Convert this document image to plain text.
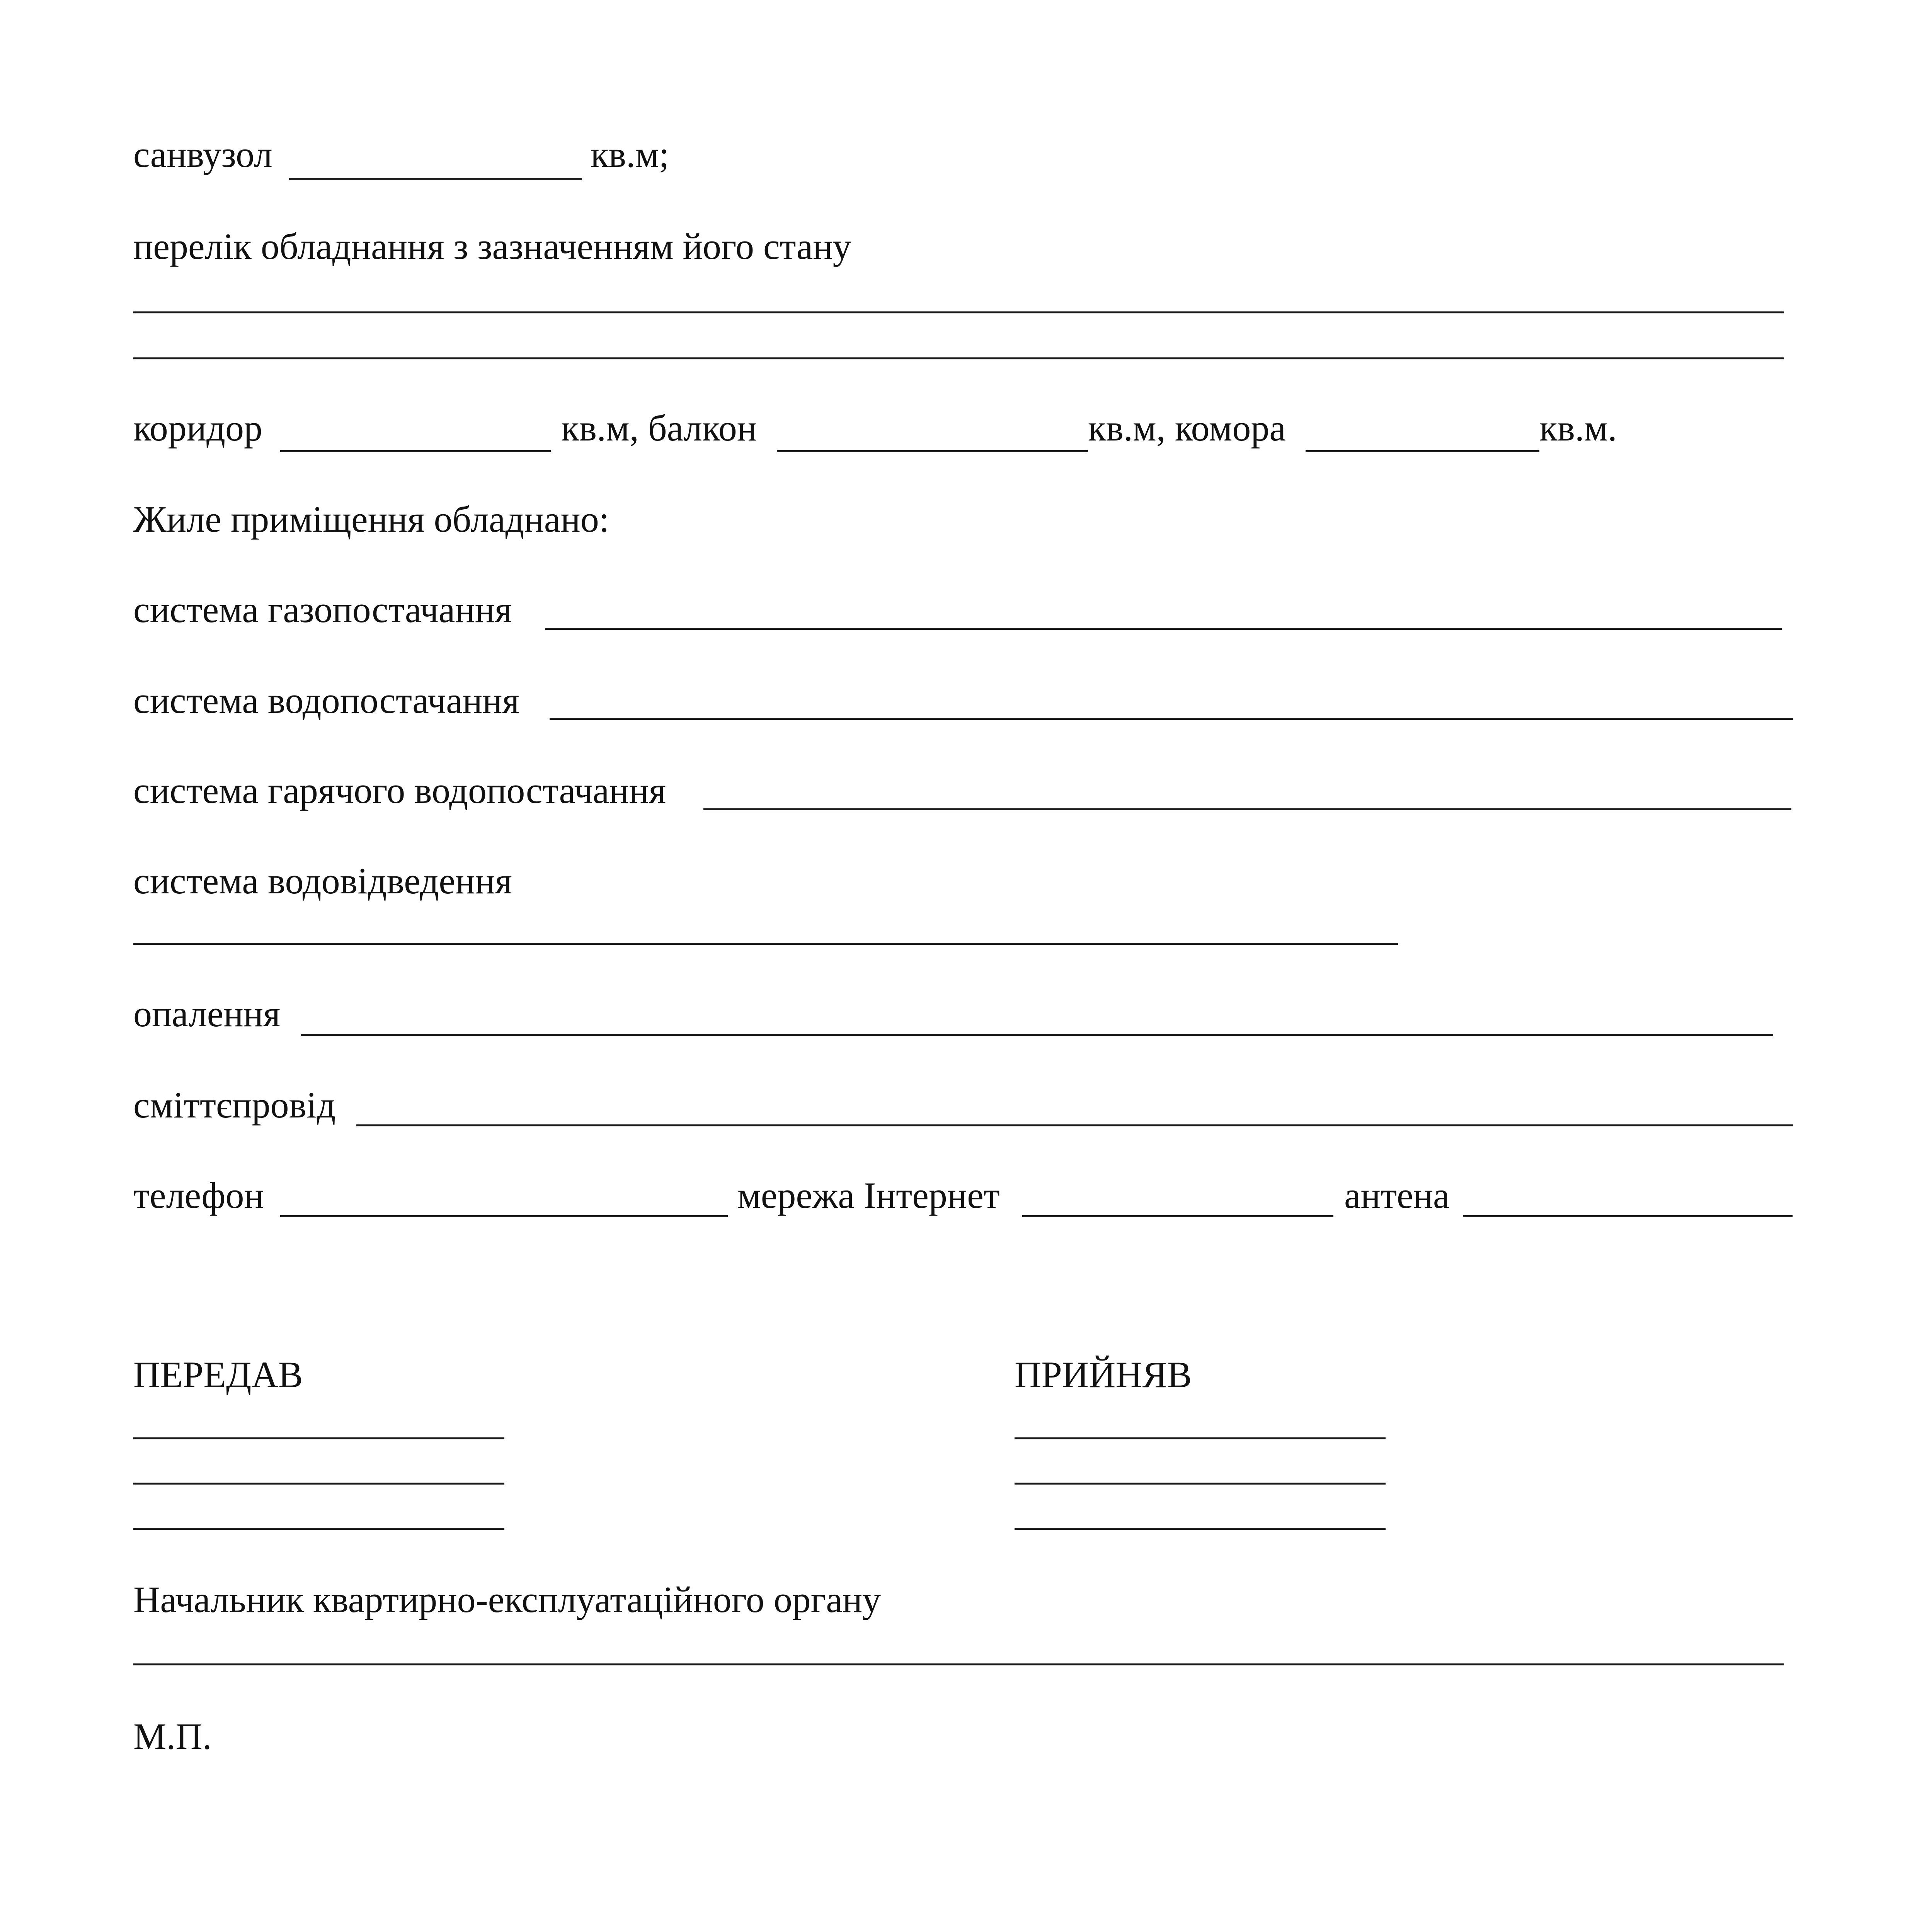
санвузол	кв.м;
перелік обладнання з зазначенням його стану
коридор	кв.м, балкон	кв.м, комора	кв.м.
Жиле приміщення обладнано:
система газопостачання
система водопостачання
система гарячого водопостачання
система водовідведення
опалення
сміттєпровід
телефон	мережа Інтернет	антена
ПЕРЕДАВ	ПРИЙНЯВ
Начальник квартирно-експлуатаційного органу
М.П.
